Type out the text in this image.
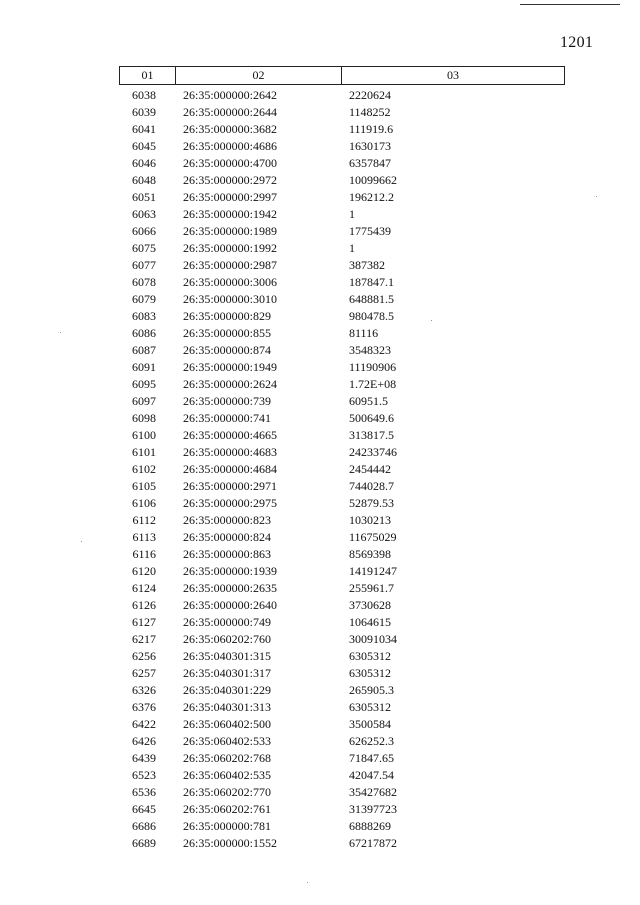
1201
01	02	03
6038	26:35:000000:2642	2220624
6039	26:35:000000:2644	1148252
6041	26:35:000000:3682	111919.6
6045	26:35:000000:4686	1630173
6046	26:35:000000:4700	6357847
6048	26:35:000000:2972	10099662
6051	26:35:000000:2997	196212.2
6063	26:35:000000:1942	1
6066	26:35:000000:1989	1775439
6075	26:35:000000:1992	1
6077	26:35:000000:2987	387382
6078	26:35:000000:3006	187847.1
6079	26:35:000000:3010	648881.5
6083	26:35:000000:829	980478.5
6086	26:35:000000:855	81116
6087	26:35:000000:874	3548323
6091	26:35:000000:1949	11190906
6095	26:35:000000:2624	1.72E+08
6097	26:35:000000:739	60951.5
6098	26:35:000000:741	500649.6
6100	26:35:000000:4665	313817.5
6101	26:35:000000:4683	24233746
6102	26:35:000000:4684	2454442
6105	26:35:000000:2971	744028.7
6106	26:35:000000:2975	52879.53
6112	26:35:000000:823	1030213
6113	26:35:000000:824	11675029
6116	26:35:000000:863	8569398
6120	26:35:000000:1939	14191247
6124	26:35:000000:2635	255961.7
6126	26:35:000000:2640	3730628
6127	26:35:000000:749	1064615
6217	26:35:060202:760	30091034
6256	26:35:040301:315	6305312
6257	26:35:040301:317	6305312
6326	26:35:040301:229	265905.3
6376	26:35:040301:313	6305312
6422	26:35:060402:500	3500584
6426	26:35:060402:533	626252.3
6439	26:35:060202:768	71847.65
6523	26:35:060402:535	42047.54
6536	26:35:060202:770	35427682
6645	26:35:060202:761	31397723
6686	26:35:000000:781	6888269
6689	26:35:000000:1552	67217872
